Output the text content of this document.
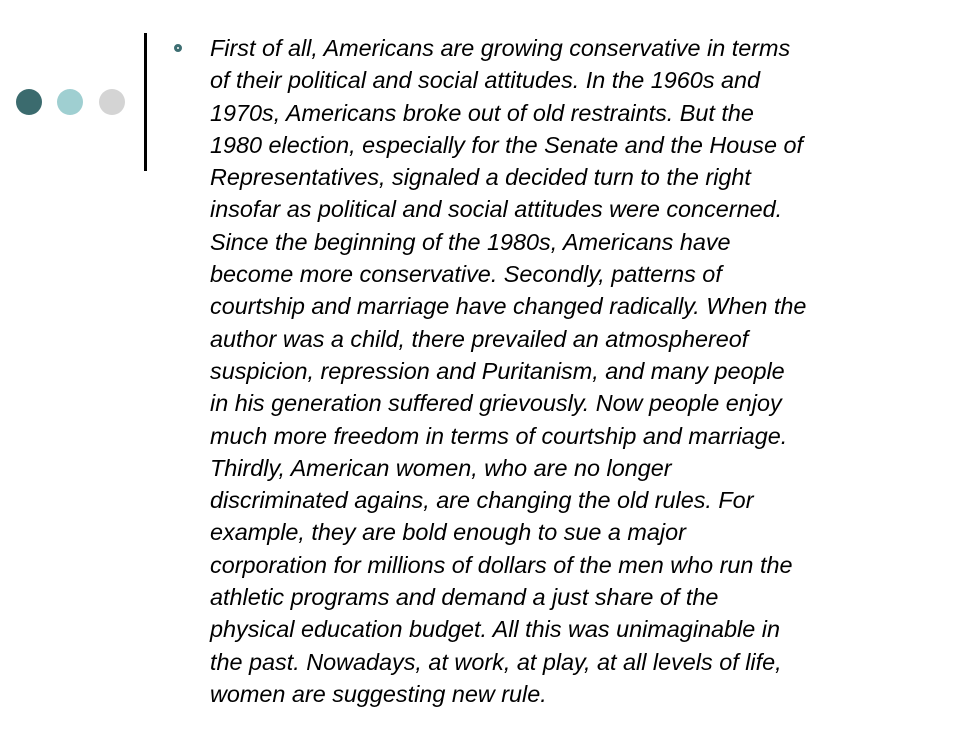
First of all, Americans are growing conservative in terms
of their political and social attitudes. In the 1960s and
1970s, Americans broke out of old restraints. But the
1980 election, especially for the Senate and the House of
Representatives, signaled a decided turn to the right
insofar as political and social attitudes were concerned.
Since the beginning of the 1980s, Americans have
become more conservative. Secondly, patterns of
courtship and marriage have changed radically. When the
author was a child, there prevailed an atmosphereof
suspicion, repression and Puritanism, and many people
in his generation suffered grievously. Now people enjoy
much more freedom in terms of courtship and marriage.
Thirdly, American women, who are no longer
discriminated agains, are changing the old rules. For
example, they are bold enough to sue a major
corporation for millions of dollars of the men who run the
athletic programs and demand a just share of the
physical education budget. All this was unimaginable in
the past. Nowadays, at work, at play, at all levels of life,
women are suggesting new rule.
